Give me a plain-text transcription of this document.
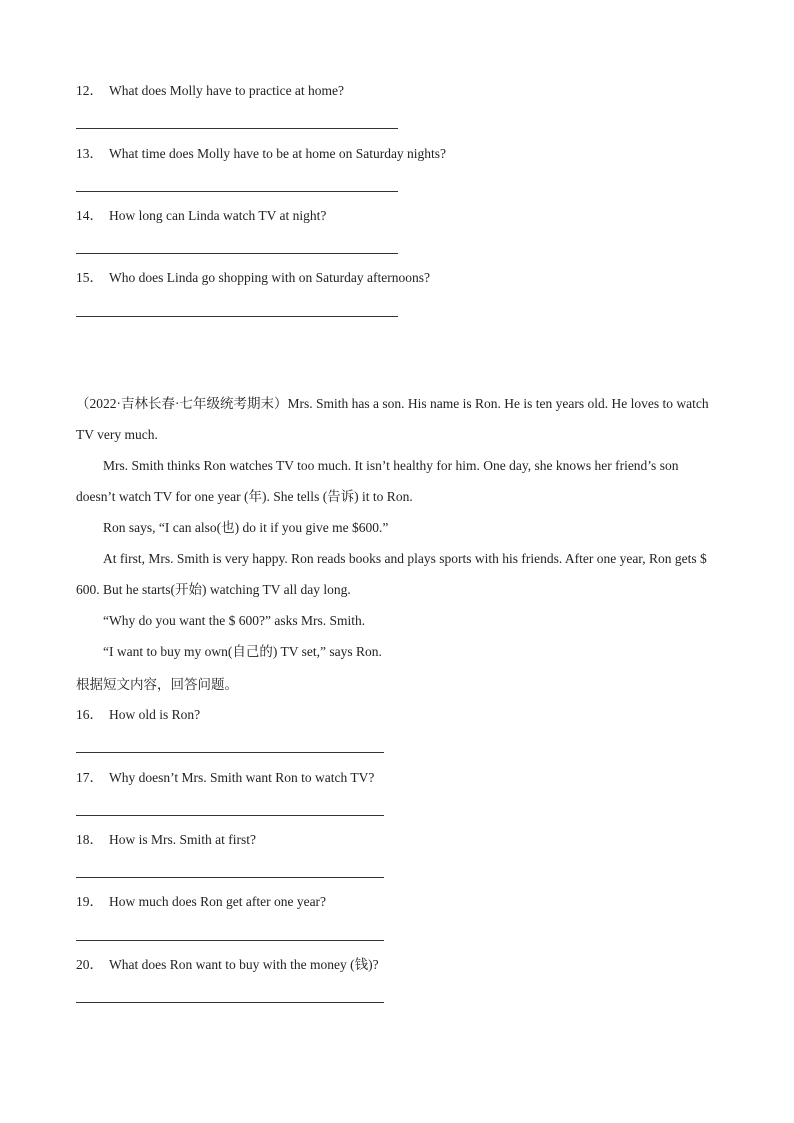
12． What does Molly have to practice at home?
13． What time does Molly have to be at home on Saturday nights?
14． How long can Linda watch TV at night?
15． Who does Linda go shopping with on Saturday afternoons?

（2022·吉林长春·七年级统考期末）Mrs. Smith has a son. His name is Ron. He is ten years old. He loves to watch TV very much.

Mrs. Smith thinks Ron watches TV too much. It isn’t healthy for him. One day, she knows her friend’s son doesn’t watch TV for one year (年). She tells (告诉) it to Ron.

Ron says, “I can also(也) do it if you give me $600.”

At first, Mrs. Smith is very happy. Ron reads books and plays sports with his friends. After one year, Ron gets $ 600. But he starts(开始) watching TV all day long.

“Why do you want the $ 600?” asks Mrs. Smith.

“I want to buy my own(自己的) TV set,” says Ron.

根据短文内容，回答问题。
16． How old is Ron?
17． Why doesn’t Mrs. Smith want Ron to watch TV?
18． How is Mrs. Smith at first?
19． How much does Ron get after one year?
20． What does Ron want to buy with the money (钱)?
